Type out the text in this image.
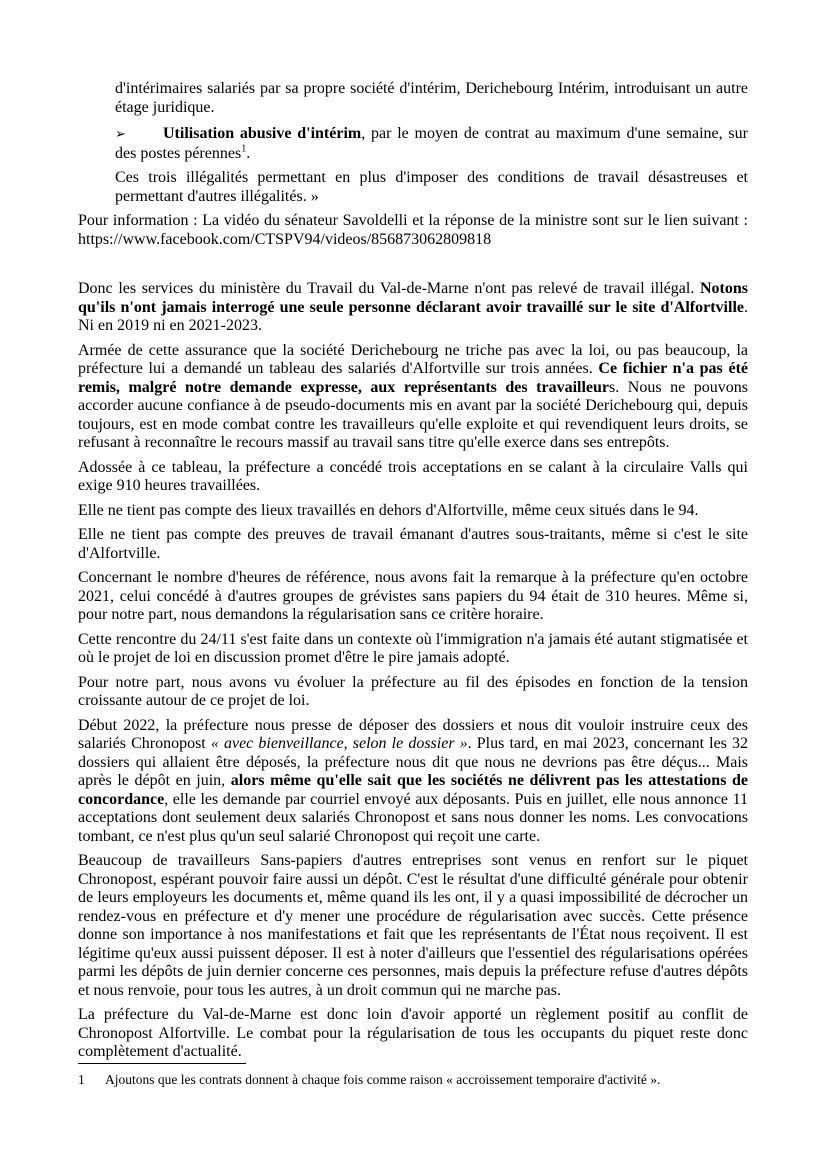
d'intérimaires salariés par sa propre société d'intérim, Derichebourg Intérim, introduisant un autre étage juridique.

➢ Utilisation abusive d'intérim, par le moyen de contrat au maximum d'une semaine, sur des postes pérennes$^1$.

Ces trois illégalités permettant en plus d'imposer des conditions de travail désastreuses et permettant d'autres illégalités. »

Pour information : La vidéo du sénateur Savoldelli et la réponse de la ministre sont sur le lien suivant : https://www.facebook.com/CTSPV94/videos/856873062809818

Donc les services du ministère du Travail du Val-de-Marne n'ont pas relevé de travail illégal. Notons qu'ils n'ont jamais interrogé une seule personne déclarant avoir travaillé sur le site d'Alfortville. Ni en 2019 ni en 2021-2023.

Armée de cette assurance que la société Derichebourg ne triche pas avec la loi, ou pas beaucoup, la préfecture lui a demandé un tableau des salariés d'Alfortville sur trois années. Ce fichier n'a pas été remis, malgré notre demande expresse, aux représentants des travailleurs. Nous ne pouvons accorder aucune confiance à de pseudo-documents mis en avant par la société Derichebourg qui, depuis toujours, est en mode combat contre les travailleurs qu'elle exploite et qui revendiquent leurs droits, se refusant à reconnaître le recours massif au travail sans titre qu'elle exerce dans ses entrepôts.

Adossée à ce tableau, la préfecture a concédé trois acceptations en se calant à la circulaire Valls qui exige 910 heures travaillées.

Elle ne tient pas compte des lieux travaillés en dehors d'Alfortville, même ceux situés dans le 94.

Elle ne tient pas compte des preuves de travail émanant d'autres sous-traitants, même si c'est le site d'Alfortville.

Concernant le nombre d'heures de référence, nous avons fait la remarque à la préfecture qu'en octobre 2021, celui concédé à d'autres groupes de grévistes sans papiers du 94 était de 310 heures. Même si, pour notre part, nous demandons la régularisation sans ce critère horaire.

Cette rencontre du 24/11 s'est faite dans un contexte où l'immigration n'a jamais été autant stigmatisée et où le projet de loi en discussion promet d'être le pire jamais adopté.

Pour notre part, nous avons vu évoluer la préfecture au fil des épisodes en fonction de la tension croissante autour de ce projet de loi.

Début 2022, la préfecture nous presse de déposer des dossiers et nous dit vouloir instruire ceux des salariés Chronopost « avec bienveillance, selon le dossier ». Plus tard, en mai 2023, concernant les 32 dossiers qui allaient être déposés, la préfecture nous dit que nous ne devrions pas être déçus... Mais après le dépôt en juin, alors même qu'elle sait que les sociétés ne délivrent pas les attestations de concordance, elle les demande par courriel envoyé aux déposants. Puis en juillet, elle nous annonce 11 acceptations dont seulement deux salariés Chronopost et sans nous donner les noms. Les convocations tombant, ce n'est plus qu'un seul salarié Chronopost qui reçoit une carte.

Beaucoup de travailleurs Sans-papiers d'autres entreprises sont venus en renfort sur le piquet Chronopost, espérant pouvoir faire aussi un dépôt. C'est le résultat d'une difficulté générale pour obtenir de leurs employeurs les documents et, même quand ils les ont, il y a quasi impossibilité de décrocher un rendez-vous en préfecture et d'y mener une procédure de régularisation avec succès. Cette présence donne son importance à nos manifestations et fait que les représentants de l'État nous reçoivent. Il est légitime qu'eux aussi puissent déposer. Il est à noter d'ailleurs que l'essentiel des régularisations opérées parmi les dépôts de juin dernier concerne ces personnes, mais depuis la préfecture refuse d'autres dépôts et nous renvoie, pour tous les autres, à un droit commun qui ne marche pas.

La préfecture du Val-de-Marne est donc loin d'avoir apporté un règlement positif au conflit de Chronopost Alfortville. Le combat pour la régularisation de tous les occupants du piquet reste donc complètement d'actualité.

1 Ajoutons que les contrats donnent à chaque fois comme raison « accroissement temporaire d'activité ».
